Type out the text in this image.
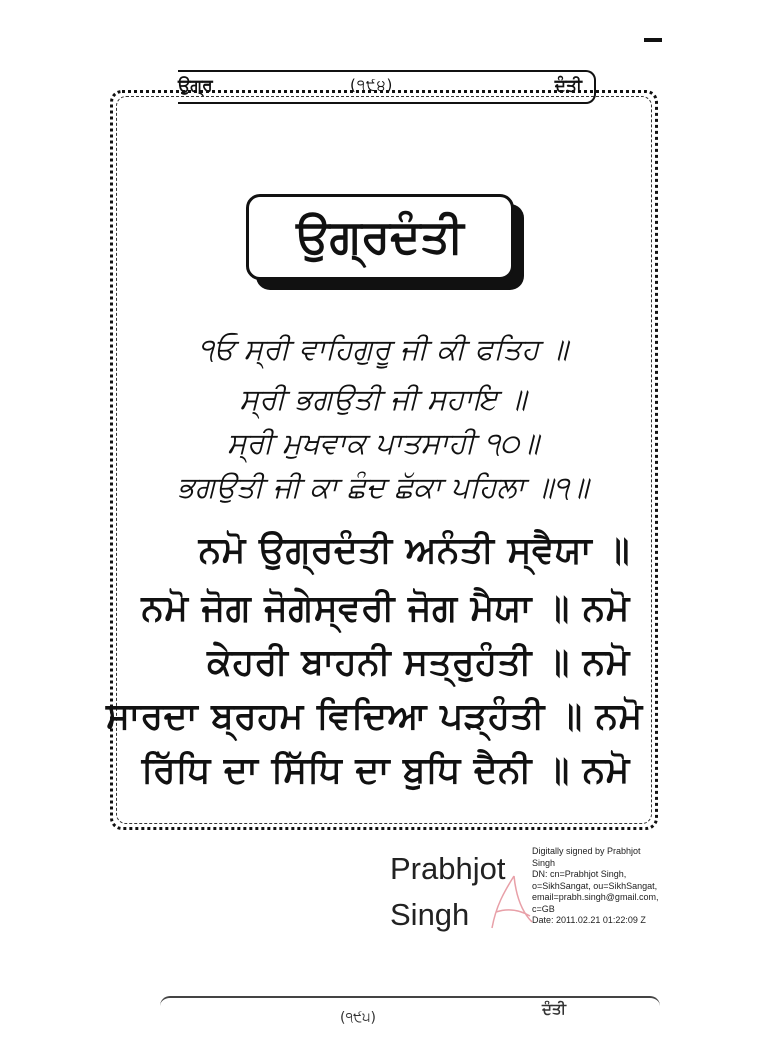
ਉਗ੍ਰ	(੧੯੪)	ਦੰਤੀ
ਉਗ੍ਰਦੰਤੀ
੧ਓ ਸ੍ਰੀ ਵਾਹਿਗੁਰੂ ਜੀ ਕੀ ਫਤਿਹ ॥
ਸ੍ਰੀ ਭਗਉਤੀ ਜੀ ਸਹਾਇ ॥
ਸ੍ਰੀ ਮੁਖਵਾਕ ਪਾਤਸਾਹੀ ੧੦॥
ਭਗਉਤੀ ਜੀ ਕਾ ਛੰਦ ਛੱਕਾ ਪਹਿਲਾ ॥੧॥
ਨਮੋ ਉਗ੍ਰਦੰਤੀ ਅਨੰਤੀ ਸ੍ਵੈਯਾ ॥
ਨਮੋ ਜੋਗ ਜੋਗੇਸ੍ਵਰੀ ਜੋਗ ਮੈਯਾ ॥ ਨਮੋ
ਕੇਹਰੀ ਬਾਹਨੀ ਸਤ੍ਰੁਹੰਤੀ ॥ ਨਮੋ
ਸਾਰਦਾ ਬ੍ਰਹਮ ਵਿਦਿਆ ਪੜ੍ਹੰਤੀ ॥ ਨਮੋ
ਰਿੱਧਿ ਦਾ ਸਿੱਧਿ ਦਾ ਬੁਧਿ ਦੈਨੀ ॥ ਨਮੋ
Prabhjot
Singh
Digitally signed by Prabhjot
Singh
DN: cn=Prabhjot Singh,
o=SikhSangat, ou=SikhSangat,
email=prabh.singh@gmail.com,
c=GB
Date: 2011.02.21 01:22:09 Z
(੧੯੫)	ਦੰਤੀ
